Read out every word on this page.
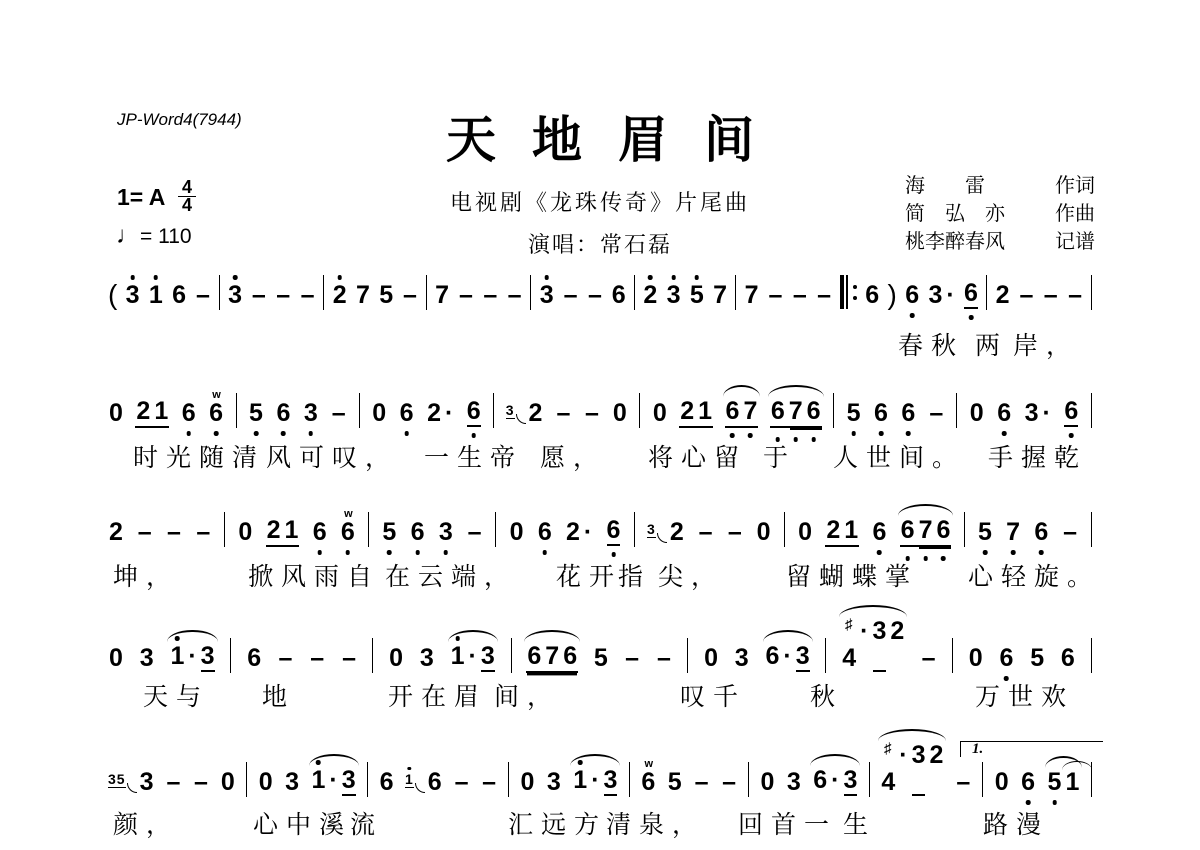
JP-Word4(7944)	天地眉间
电视剧《龙珠传奇》片尾曲
演唱：常石磊
1= A 4
4
♩= 110
海　　雷	作词
简　弘　亦	作曲
桃李醉春风	记谱
( 3 1 6 – 3 – – – 2 7 5 – 7 – – – 3 – – 6 2 3 5 7 7 – – – 6 ) 6 3 · 6 2 – – –
0 2 1 6 6
ᴡ
5 6 3 – 0 6 2 · 6 3 2 – – 0 0 2 1 6 7 6 7 6 5 6 6 – 0 6 3 · 6
2 – – – 0 2 1 6 6
ᴡ
5 6 3 – 0 6 2 · 6 3 2 – – 0 0 2 1 6 6 7 6 5 7 6 –
0 3 1 · 3 6 – – – 0 3 1 · 3 6 7 6 5 – – 0 3 6 · 3
♯
4
· 3 2
– 0 6 5 6
35 3 – – 0 0 3 1 · 3 6 1 6 – – 0 3 1 · 3 6
ᴡ
5 – – 0 3 6 · 3
♯
4
· 3 2
– 0 6 5 1
春秋 两 岸，
时光随清 风可叹， 一生帝 愿， 将心留 于 人世间。 手握乾
坤，	掀风雨自 在云端， 花开
指 尖， 留蝴蝶掌 心轻旋。
天与 地	开在眉 间，	叹千	秋	万世欢
颜，	心中溪
流	汇远方
清泉， 回首一 生	路漫
1.
